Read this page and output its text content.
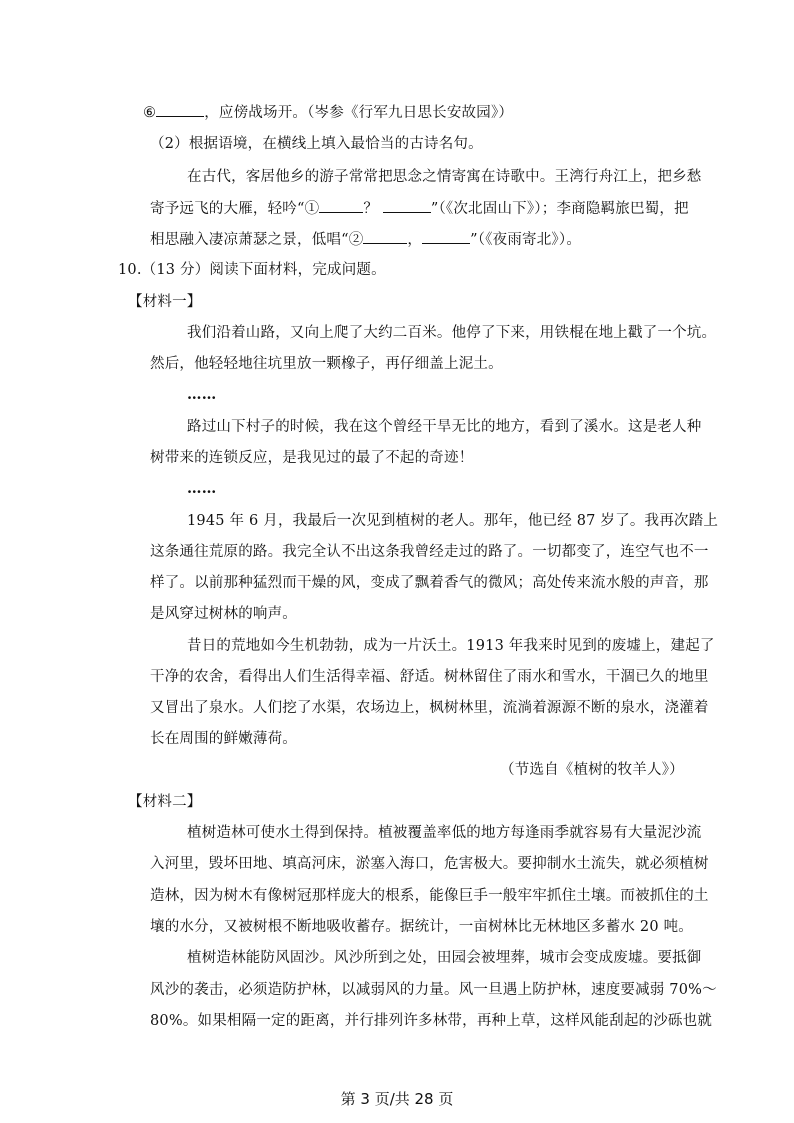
⑥	，应傍战场开。（岑参《行军九日思长安故园》）
（2）根据语境，在横线上填入最恰当的古诗名句。
在古代，客居他乡的游子常常把思念之情寄寓在诗歌中。王湾行舟江上，把乡愁
寄予远飞的大雁，轻吟“①	？	”（《次北固山下》）；李商隐羁旅巴蜀，把
相思融入凄凉萧瑟之景，低唱“②	，	”（《夜雨寄北》）。
10.（13 分）阅读下面材料，完成问题。
【材料一】
我们沿着山路，又向上爬了大约二百米。他停了下来，用铁棍在地上戳了一个坑。
然后，他轻轻地往坑里放一颗橡子，再仔细盖上泥土。
……
路过山下村子的时候，我在这个曾经干旱无比的地方，看到了溪水。这是老人种
树带来的连锁反应，是我见过的最了不起的奇迹！
……
1945 年 6 月，我最后一次见到植树的老人。那年，他已经 87 岁了。我再次踏上
这条通往荒原的路。我完全认不出这条我曾经走过的路了。一切都变了，连空气也不一
样了。以前那种猛烈而干燥的风，变成了飘着香气的微风；高处传来流水般的声音，那
是风穿过树林的响声。
昔日的荒地如今生机勃勃，成为一片沃土。1913 年我来时见到的废墟上，建起了
干净的农舍，看得出人们生活得幸福、舒适。树林留住了雨水和雪水，干涸已久的地里
又冒出了泉水。人们挖了水渠，农场边上，枫树林里，流淌着源源不断的泉水，浇灌着
长在周围的鲜嫩薄荷。
（节选自《植树的牧羊人》）
【材料二】
植树造林可使水土得到保持。植被覆盖率低的地方每逢雨季就容易有大量泥沙流
入河里，毁坏田地、填高河床，淤塞入海口，危害极大。要抑制水土流失，就必须植树
造林，因为树木有像树冠那样庞大的根系，能像巨手一般牢牢抓住土壤。而被抓住的土
壤的水分，又被树根不断地吸收蓄存。据统计，一亩树林比无林地区多蓄水 20 吨。
植树造林能防风固沙。风沙所到之处，田园会被埋葬，城市会变成废墟。要抵御
风沙的袭击，必须造防护林，以减弱风的力量。风一旦遇上防护林，速度要减弱 70%～
80%。如果相隔一定的距离，并行排列许多林带，再种上草，这样风能刮起的沙砾也就
第 3 页/共 28 页
